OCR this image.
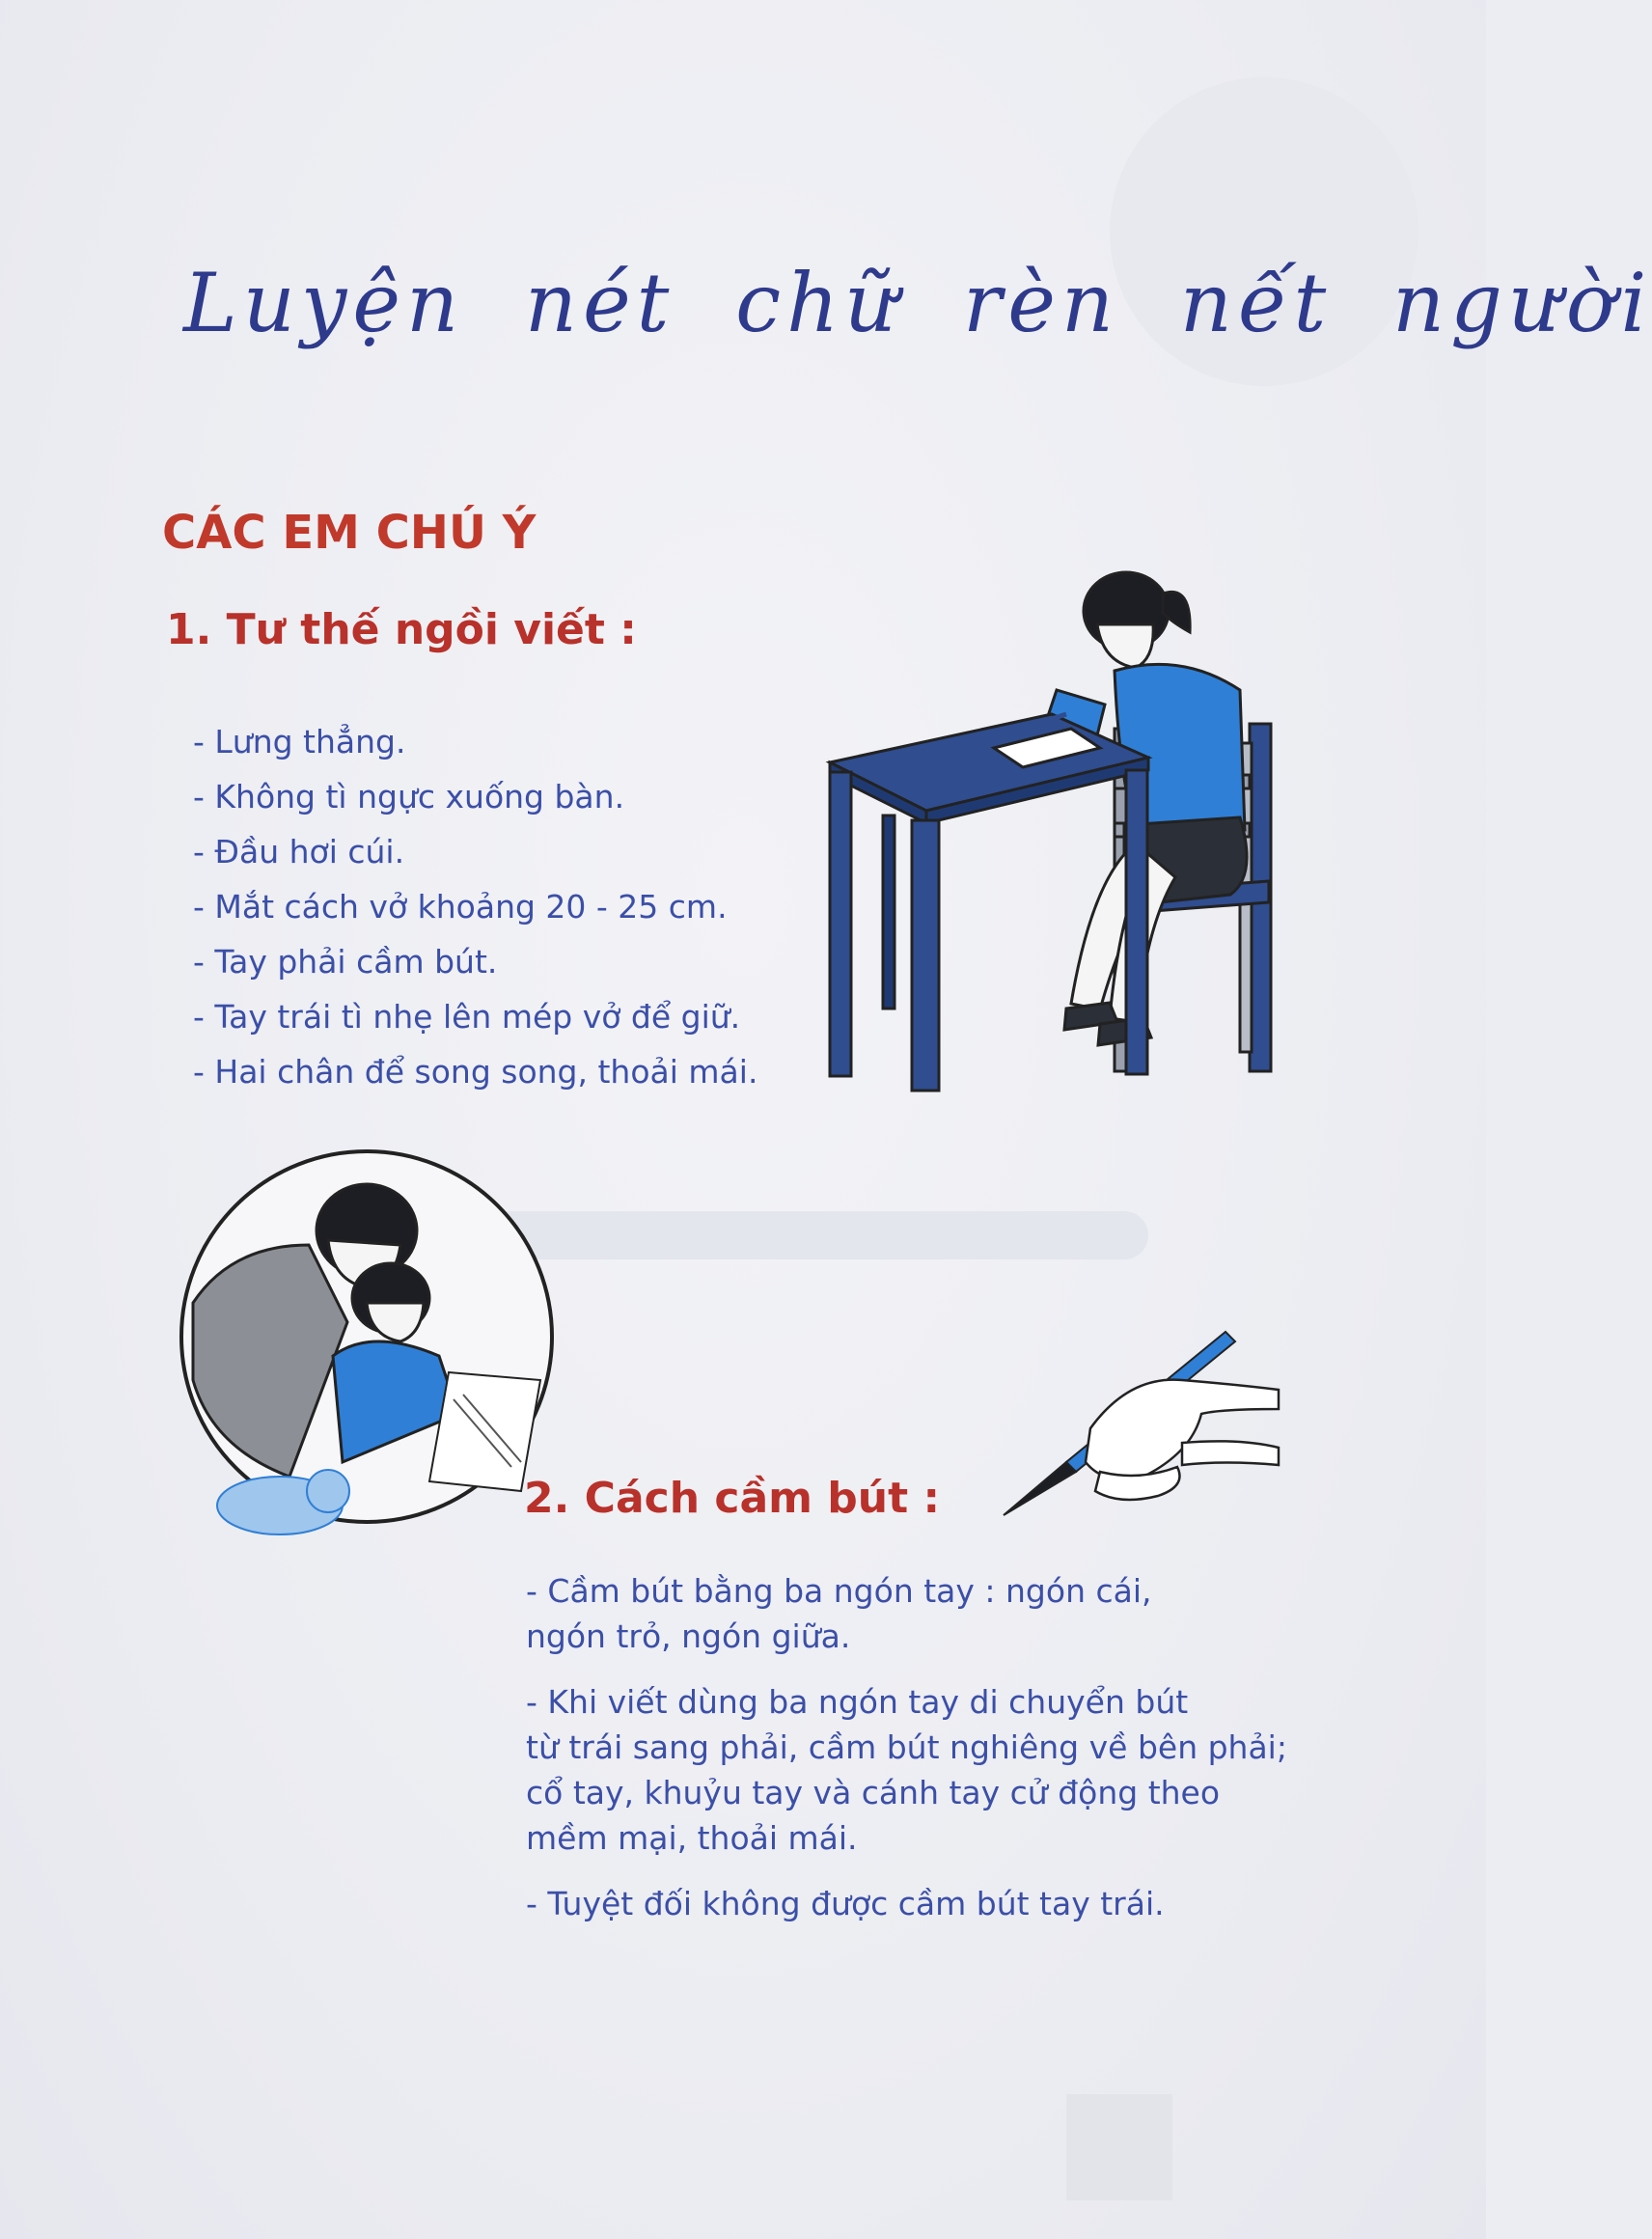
Luyện nét chữ rèn nết người
CÁC EM CHÚ Ý
1. Tư thế ngồi viết :
- Lưng thẳng.
- Không tì ngực xuống bàn.
- Đầu hơi cúi.
- Mắt cách vở khoảng 20 - 25 cm.
- Tay phải cầm bút.
- Tay trái tì nhẹ lên mép vở để giữ.
- Hai chân để song song, thoải mái.
2. Cách cầm bút :
- Cầm bút bằng ba ngón tay : ngón cái,
ngón trỏ, ngón giữa.
- Khi viết dùng ba ngón tay di chuyển bút
từ trái sang phải, cầm bút nghiêng về bên phải;
cổ tay, khuỷu tay và cánh tay cử động theo
mềm mại, thoải mái.
- Tuyệt đối không được cầm bút tay trái.
